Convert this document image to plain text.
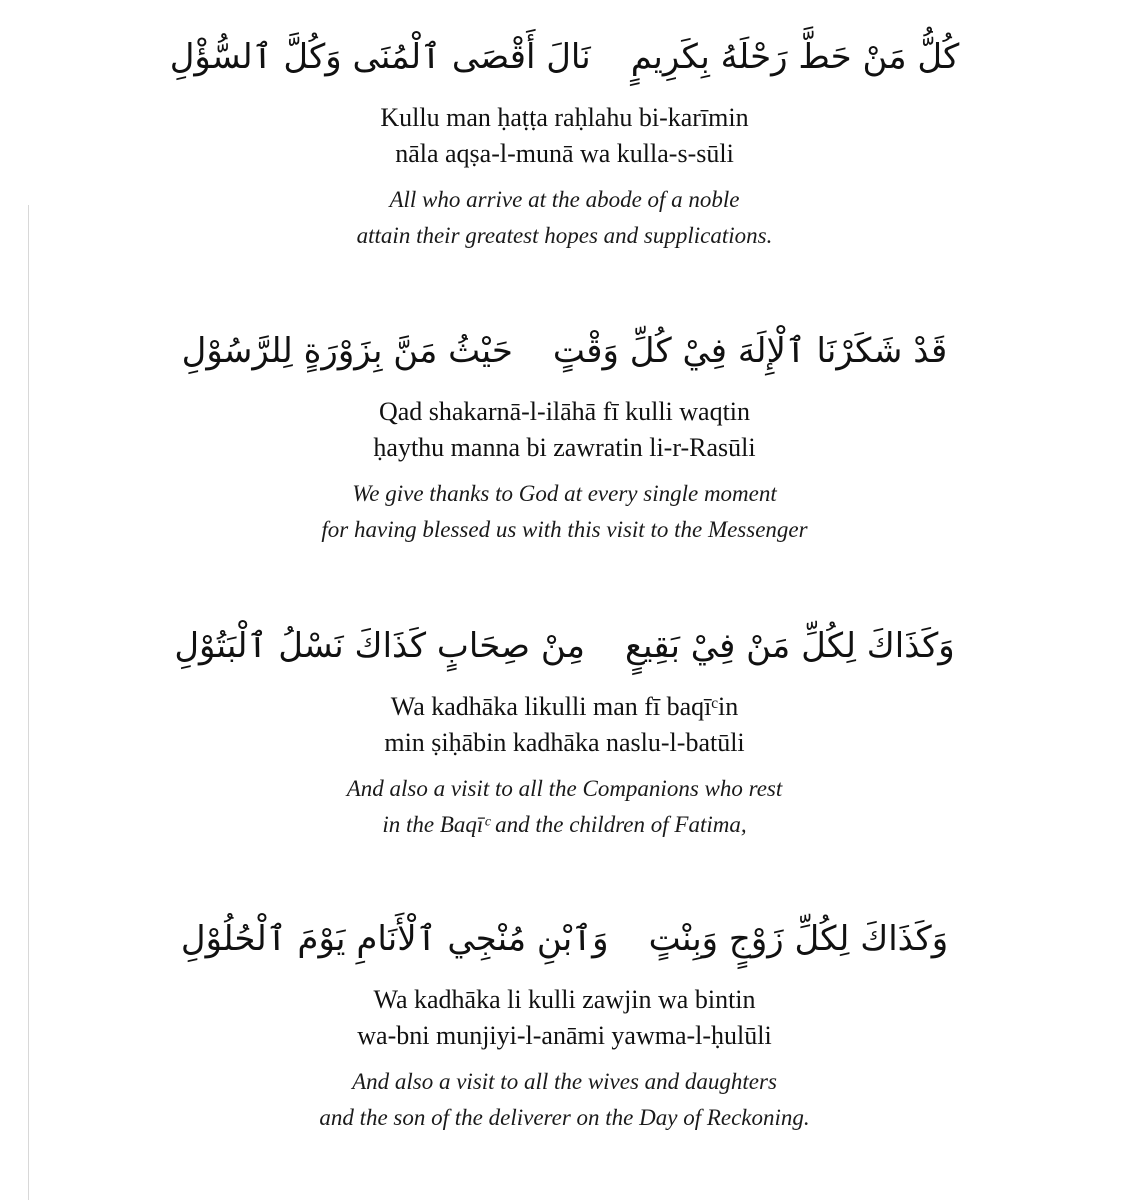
كُلُّ مَنْ حَطَّ رَحْلَهُ بِكَرِيمٍنَالَ أَقْصَى ٱلْمُنَى وَكُلَّ ٱلسُّؤْلِ
Kullu man ḥaṭṭa raḥlahu bi-karīmin
nāla aqṣa-l-munā wa kulla-s-sūli
All who arrive at the abode of a noble
attain their greatest hopes and supplications.
قَدْ شَكَرْنَا ٱلْإِلَهَ فِيْ كُلِّ وَقْتٍحَيْثُ مَنَّ بِزَوْرَةٍ لِلرَّسُوْلِ
Qad shakarnā-l-ilāhā fī kulli waqtin
ḥaythu manna bi zawratin li-r-Rasūli
We give thanks to God at every single moment
for having blessed us with this visit to the Messenger
وَكَذَاكَ لِكُلِّ مَنْ فِيْ بَقِيعٍمِنْ صِحَابٍ كَذَاكَ نَسْلُ ٱلْبَتُوْلِ
Wa kadhāka likulli man fī baqīᶜin
min ṣiḥābin kadhāka naslu-l-batūli
And also a visit to all the Companions who rest
in the Baqīᶜ and the children of Fatima,
وَكَذَاكَ لِكُلِّ زَوْجٍ وَبِنْتٍوَٱبْنِ مُنْجِي ٱلْأَنَامِ يَوْمَ ٱلْحُلُوْلِ
Wa kadhāka li kulli zawjin wa bintin
wa-bni munjiyi-l-anāmi yawma-l-ḥulūli
And also a visit to all the wives and daughters
and the son of the deliverer on the Day of Reckoning.
